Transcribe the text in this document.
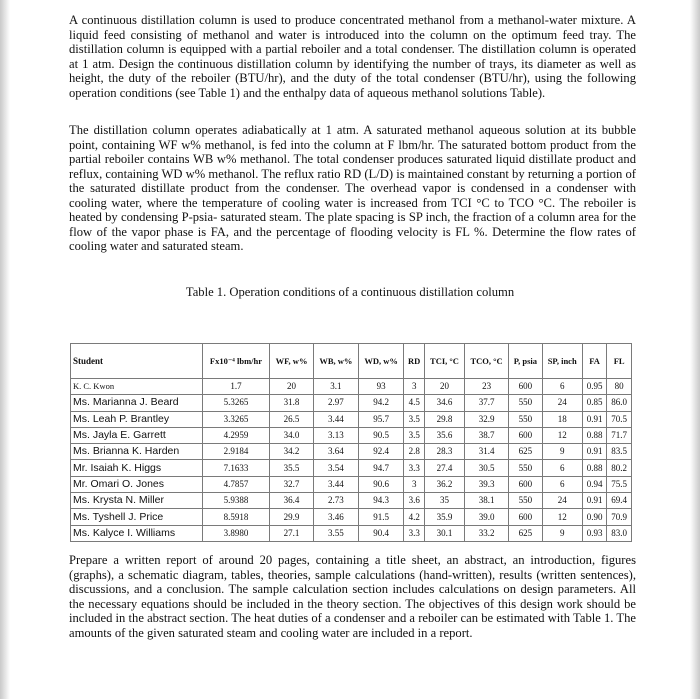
A continuous distillation column is used to produce concentrated methanol from a methanol-water mixture. A liquid feed consisting of methanol and water is introduced into the column on the optimum feed tray. The distillation column is equipped with a partial reboiler and a total condenser. The distillation column is operated at 1 atm. Design the continuous distillation column by identifying the number of trays, its diameter as well as height, the duty of the reboiler (BTU/hr), and the duty of the total condenser (BTU/hr), using the following operation conditions (see Table 1) and the enthalpy data of aqueous methanol solutions Table).

The distillation column operates adiabatically at 1 atm. A saturated methanol aqueous solution at its bubble point, containing WF w% methanol, is fed into the column at F lbm/hr. The saturated bottom product from the partial reboiler contains WB w% methanol. The total condenser produces saturated liquid distillate product and reflux, containing WD w% methanol. The reflux ratio RD (L/D) is maintained constant by returning a portion of the saturated distillate product from the condenser. The overhead vapor is condensed in a condenser with cooling water, where the temperature of cooling water is increased from TCI °C to TCO °C. The reboiler is heated by condensing P-psia- saturated steam. The plate spacing is SP inch, the fraction of a column area for the flow of the vapor phase is FA, and the percentage of flooding velocity is FL %. Determine the flow rates of cooling water and saturated steam.

Table 1. Operation conditions of a continuous distillation column
Student	Fx10⁻⁴ lbm/hr	WF, w%	WB, w%	WD, w%	RD	TCI, °C	TCO, °C	P, psia	SP, inch	FA	FL
K. C. Kwon	1.7	20	3.1	93	3	20	23	600	6	0.95	80
Ms. Marianna J. Beard	5.3265	31.8	2.97	94.2	4.5	34.6	37.7	550	24	0.85	86.0
Ms. Leah P. Brantley	3.3265	26.5	3.44	95.7	3.5	29.8	32.9	550	18	0.91	70.5
Ms. Jayla E. Garrett	4.2959	34.0	3.13	90.5	3.5	35.6	38.7	600	12	0.88	71.7
Ms. Brianna K. Harden	2.9184	34.2	3.64	92.4	2.8	28.3	31.4	625	9	0.91	83.5
Mr. Isaiah K. Higgs	7.1633	35.5	3.54	94.7	3.3	27.4	30.5	550	6	0.88	80.2
Mr. Omari O. Jones	4.7857	32.7	3.44	90.6	3	36.2	39.3	600	6	0.94	75.5
Ms. Krysta N. Miller	5.9388	36.4	2.73	94.3	3.6	35	38.1	550	24	0.91	69.4
Ms. Tyshell J. Price	8.5918	29.9	3.46	91.5	4.2	35.9	39.0	600	12	0.90	70.9
Ms. Kalyce I. Williams	3.8980	27.1	3.55	90.4	3.3	30.1	33.2	625	9	0.93	83.0

Prepare a written report of around 20 pages, containing a title sheet, an abstract, an introduction, figures (graphs), a schematic diagram, tables, theories, sample calculations (hand-written), results (written sentences), discussions, and a conclusion. The sample calculation section includes calculations on design parameters. All the necessary equations should be included in the theory section. The objectives of this design work should be included in the abstract section. The heat duties of a condenser and a reboiler can be estimated with Table 1. The amounts of the given saturated steam and cooling water are included in a report.
